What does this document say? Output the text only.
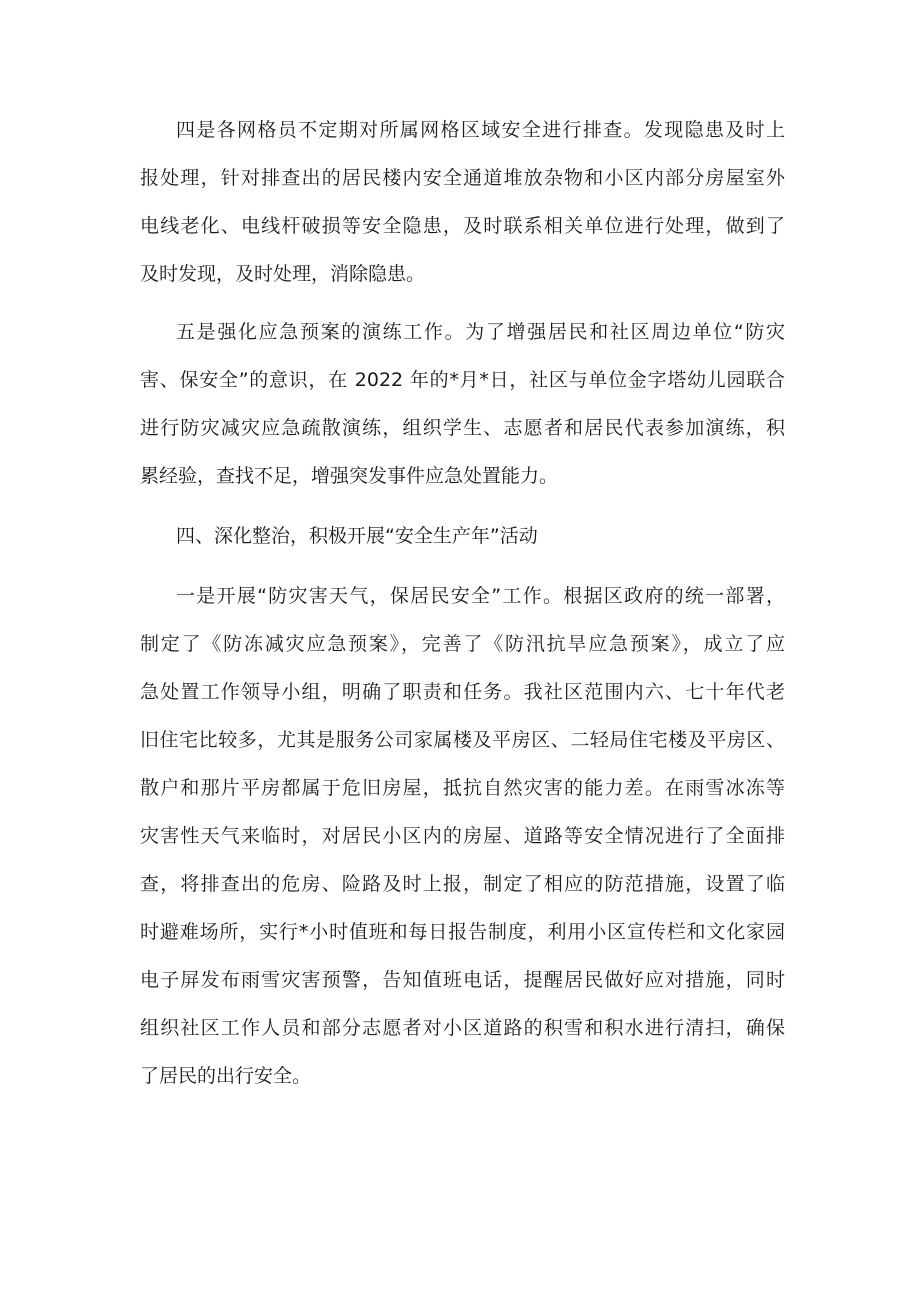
四是各网格员不定期对所属网格区域安全进行排查。发现隐患及时上
报处理，针对排查出的居民楼内安全通道堆放杂物和小区内部分房屋室外
电线老化、电线杆破损等安全隐患，及时联系相关单位进行处理，做到了
及时发现，及时处理，消除隐患。
五是强化应急预案的演练工作。为了增强居民和社区周边单位“防灾
害、保安全”的意识，在 2022 年的*月*日，社区与单位金字塔幼儿园联合
进行防灾减灾应急疏散演练，组织学生、志愿者和居民代表参加演练，积
累经验，查找不足，增强突发事件应急处置能力。
四、深化整治，积极开展“安全生产年”活动
一是开展“防灾害天气，保居民安全”工作。根据区政府的统一部署，
制定了《防冻减灾应急预案》，完善了《防汛抗旱应急预案》，成立了应
急处置工作领导小组，明确了职责和任务。我社区范围内六、七十年代老
旧住宅比较多，尤其是服务公司家属楼及平房区、二轻局住宅楼及平房区、
散户和那片平房都属于危旧房屋，抵抗自然灾害的能力差。在雨雪冰冻等
灾害性天气来临时，对居民小区内的房屋、道路等安全情况进行了全面排
查，将排查出的危房、险路及时上报，制定了相应的防范措施，设置了临
时避难场所，实行*小时值班和每日报告制度，利用小区宣传栏和文化家园
电子屏发布雨雪灾害预警，告知值班电话，提醒居民做好应对措施，同时
组织社区工作人员和部分志愿者对小区道路的积雪和积水进行清扫，确保
了居民的出行安全。
